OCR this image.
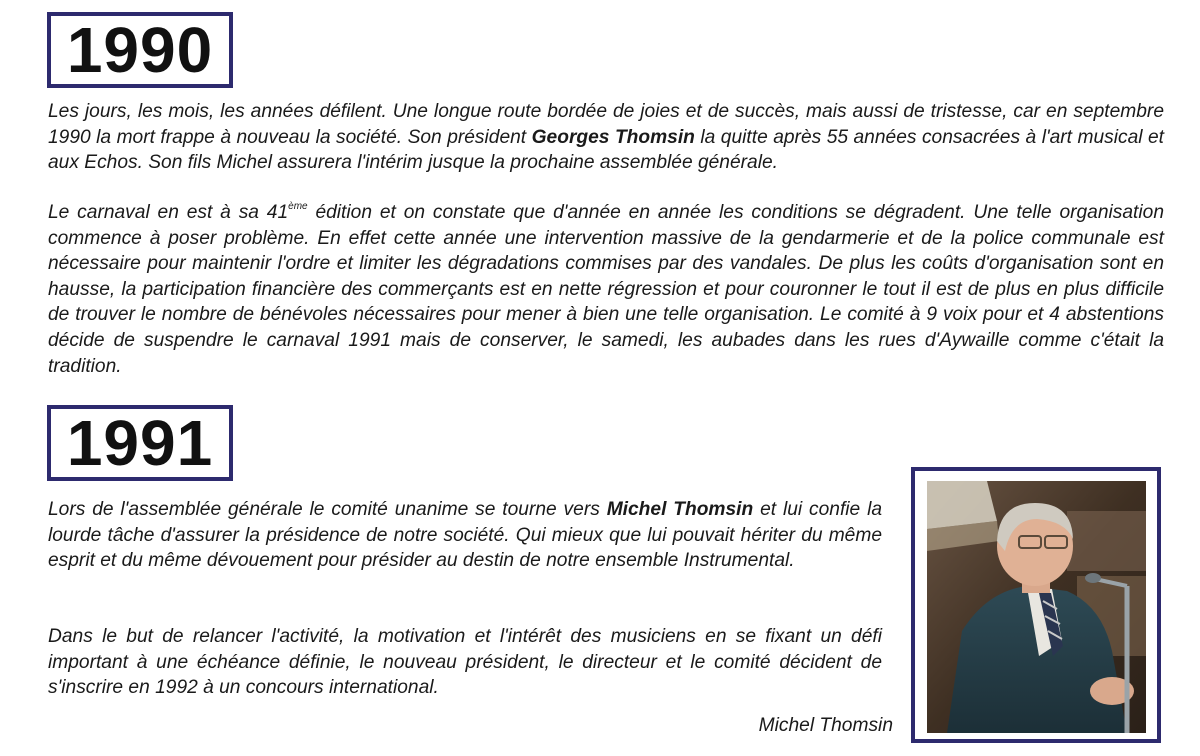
1990

Les jours, les mois, les années défilent. Une longue route bordée de joies et de succès, mais aussi de tristesse, car en septembre 1990 la mort frappe à nouveau la société. Son président Georges Thomsin la quitte après 55 années consacrées à l'art musical et aux Echos. Son fils Michel assurera l'intérim jusque la prochaine assemblée générale.

Le carnaval en est à sa 41ème édition et on constate que d'année en année les conditions se dégradent. Une telle organisation commence à poser problème. En effet cette année une intervention massive de la gendarmerie et de la police communale est nécessaire pour maintenir l'ordre et limiter les dégradations commises par des vandales. De plus les coûts d'organisation sont en hausse, la participation financière des commerçants est en nette régression et pour couronner le tout il est de plus en plus difficile de trouver le nombre de bénévoles nécessaires pour mener à bien une telle organisation. Le comité à 9 voix pour et 4 abstentions décide de suspendre le carnaval 1991 mais de conserver, le samedi, les aubades dans les rues d'Aywaille comme c'était la tradition.

1991

Lors de l'assemblée générale le comité unanime se tourne vers Michel Thomsin et lui confie la lourde tâche d'assurer la présidence de notre société. Qui mieux que lui pouvait hériter du même esprit et du même dévouement pour présider au destin de notre ensemble Instrumental.

Dans le but de relancer l'activité, la motivation et l'intérêt des musiciens en se fixant un défi important à une échéance définie, le nouveau président, le directeur et le comité décident de s'inscrire en 1992 à un concours international.

Michel Thomsin
